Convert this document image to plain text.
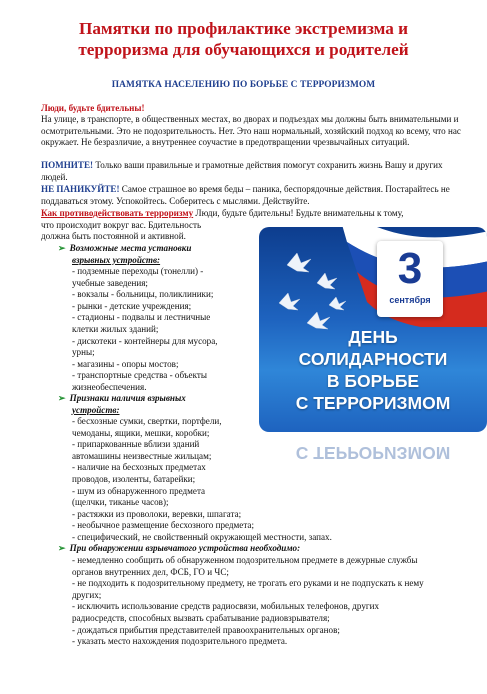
Памятки по профилактике экстремизма и
терроризма для обучающихся и родителей
ПАМЯТКА НАСЕЛЕНИЮ ПО БОРЬБЕ С ТЕРРОРИЗМОМ
Люди, будьте бдительны!
На улице, в транспорте, в общественных местах, во дворах и подъездах мы должны быть внимательными и осмотрительными. Это не подозрительность. Нет. Это наш нормальный, хозяйский подход ко всему, что нас окружает. Не безразличие, а внутреннее соучастие в предотвращении чрезвычайных ситуаций.
ПОМНИТЕ! Только ваши правильные и грамотные действия помогут сохранить жизнь Вашу и других людей.
НЕ ПАНИКУЙТЕ! Самое страшное во время беды – паника, беспорядочные действия. Постарайтесь не поддаваться этому. Успокойтесь. Соберитесь с мыслями. Действуйте.
Как противодействовать терроризму Люди, будьте бдительны! Будьте внимательны к тому,
что происходит вокруг вас. Бдительность
должна быть постоянной и активной.
➢ Возможные места установки
взрывных устройств:
- подземные переходы (тонелли) -
учебные заведения;
- вокзалы - больницы, поликлиники;
- рынки - детские учреждения;
- стадионы - подвалы и лестничные
клетки жилых зданий;
- дискотеки - контейнеры для мусора,
урны;
- магазины - опоры мостов;
- транспортные средства - объекты
жизнеобеспечения.
➢ Признаки наличия взрывных
устройств:
- бесхозные сумки, свертки, портфели,
чемоданы, ящики, мешки, коробки;
- припаркованные вблизи зданий
автомашины неизвестные жильцам;
- наличие на бесхозных предметах
проводов, изоленты, батарейки;
- шум из обнаруженного предмета
(щелчки, тиканье часов);
- растяжки из проволоки, веревки, шпагата;
- необычное размещение бесхозного предмета;
- специфический, не свойственный окружающей местности, запах.
➢ При обнаружении взрывчатого устройства необходимо:
- немедленно сообщить об обнаруженном подозрительном предмете в дежурные службы органов внутренних дел, ФСБ, ГО и ЧС;
- не подходить к подозрительному предмету, не трогать его руками и не подпускать к нему других;
- исключить использование средств радиосвязи, мобильных телефонов, других радиосредств, способных вызвать срабатывание радиовзрывателя;
- дождаться прибытия представителей правоохранительных органов;
- указать место нахождения подозрительного предмета.
3
сентября
ДЕНЬ
СОЛИДАРНОСТИ
В БОРЬБЕ
С ТЕРРОРИЗМОМ
С ТЕРРОРИЗМОМ
